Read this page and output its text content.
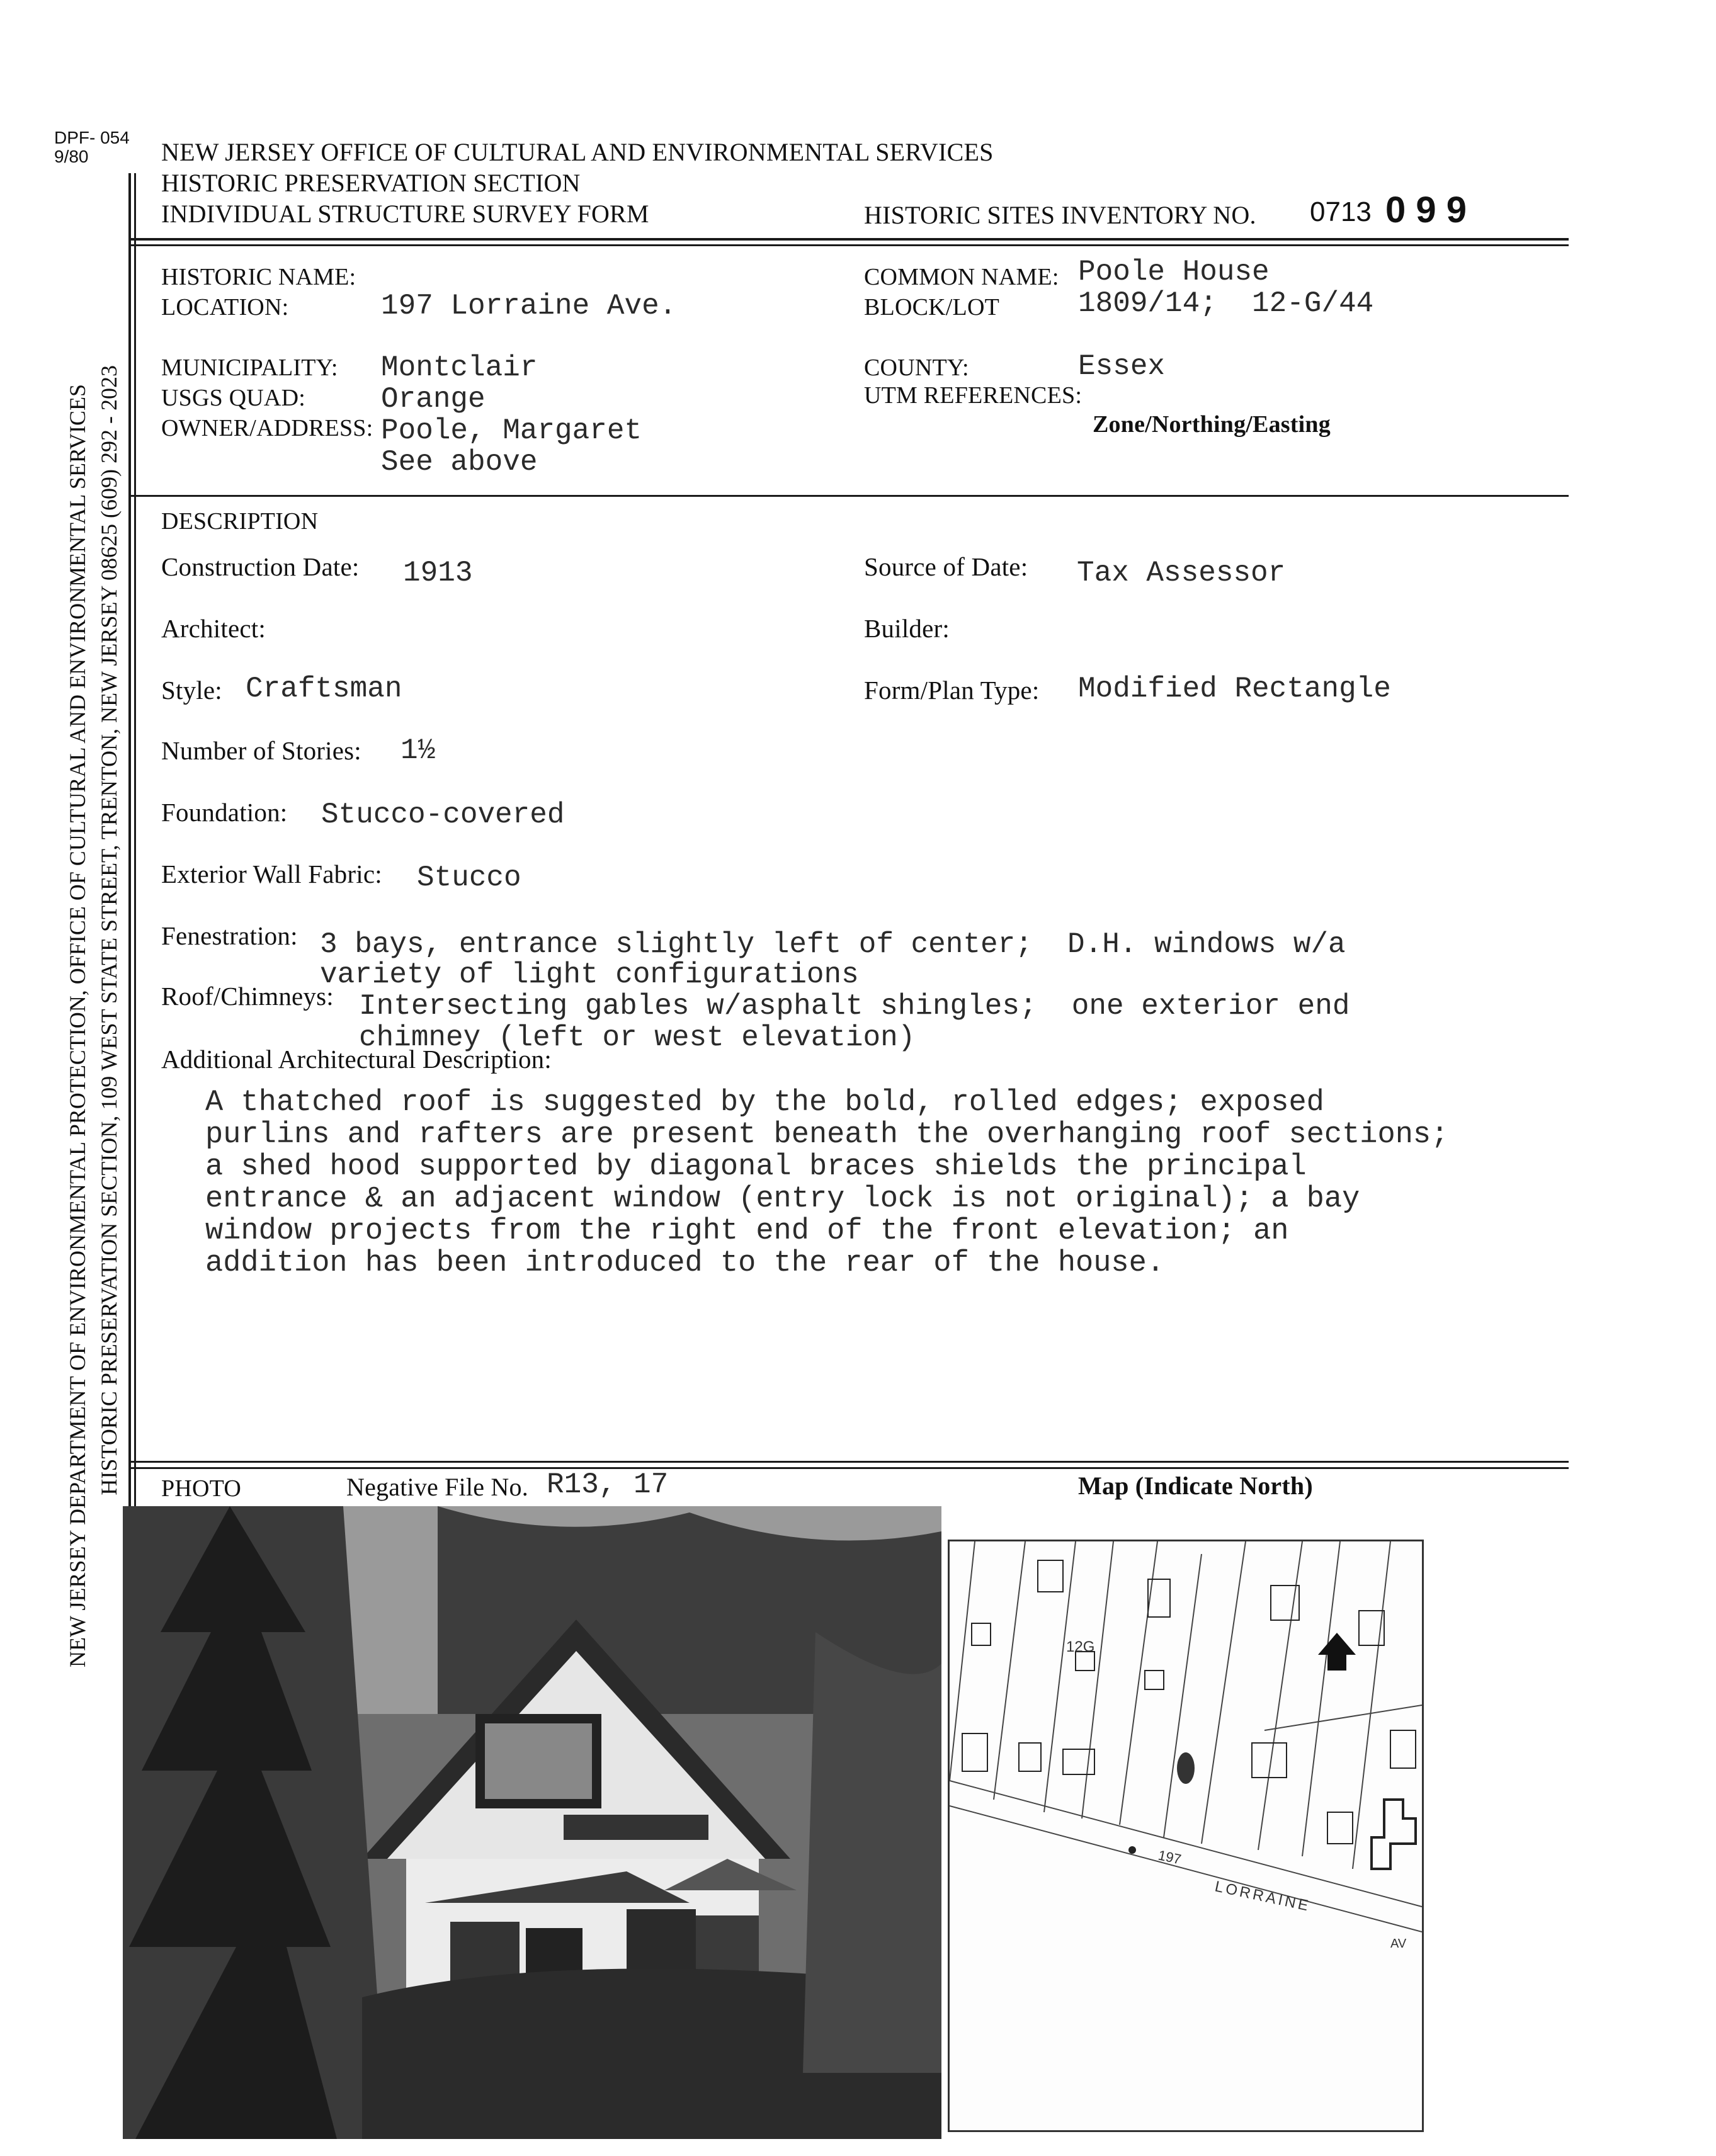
DPF- 054
9/80
NEW JERSEY DEPARTMENT OF ENVIRONMENTAL PROTECTION, OFFICE OF CULTURAL AND ENVIRONMENTAL SERVICES HISTORIC PRESERVATION SECTION, 109 WEST STATE STREET, TRENTON, NEW JERSEY 08625 (609) 292 - 2023
NEW JERSEY OFFICE OF CULTURAL AND ENVIRONMENTAL SERVICES
HISTORIC PRESERVATION SECTION
INDIVIDUAL STRUCTURE SURVEY FORM	HISTORIC SITES INVENTORY NO. 0713 0 9 9
HISTORIC NAME:
LOCATION:	197 Lorraine Ave.
COMMON NAME: Poole House
BLOCK/LOT	1809/14;  12-G/44
MUNICIPALITY: Montclair
USGS QUAD:	Orange
OWNER/ADDRESS: Poole, Margaret
See above
COUNTY:	Essex
UTM REFERENCES:
Zone/Northing/Easting
DESCRIPTION
Construction Date: 1913	Source of Date: Tax Assessor
Architect:	Builder:
Style: Craftsman	Form/Plan Type: Modified Rectangle
Number of Stories: 1½
Foundation: Stucco-covered
Exterior Wall Fabric: Stucco
Fenestration: 3 bays, entrance slightly left of center;  D.H. windows w/a
variety of light configurations
Roof/Chimneys: Intersecting gables w/asphalt shingles;  one exterior end
chimney (left or west elevation)
Additional Architectural Description:
A thatched roof is suggested by the bold, rolled edges; exposed
purlins and rafters are present beneath the overhanging roof sections;
a shed hood supported by diagonal braces shields the principal
entrance & an adjacent window (entry lock is not original); a bay
window projects from the right end of the front elevation; an
addition has been introduced to the rear of the house.
PHOTO	Negative File No. R13, 17	Map (Indicate North)
12G
197
LORRAINE
AV
